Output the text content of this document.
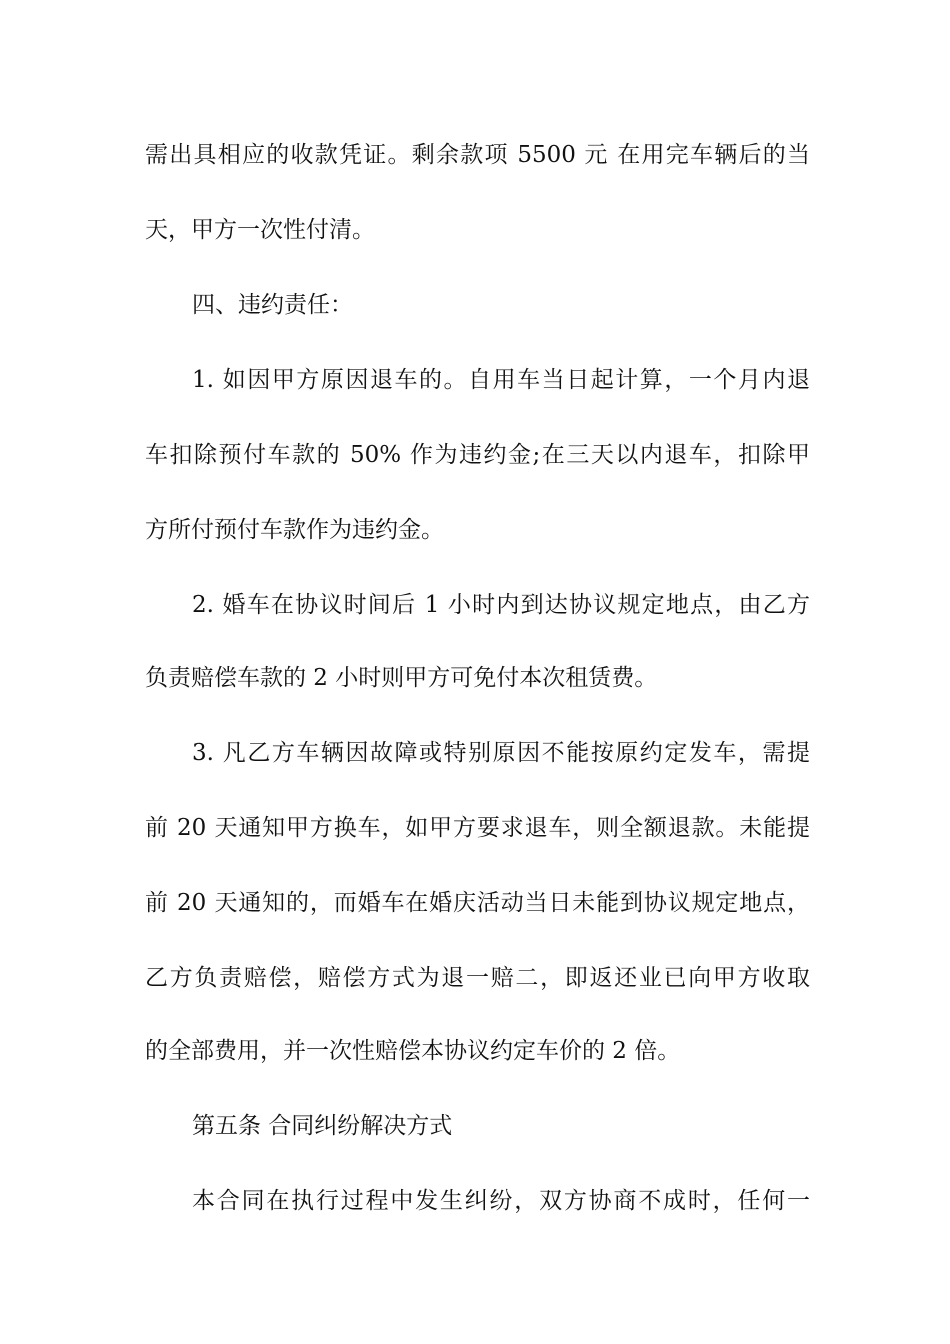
需出具相应的收款凭证。剩余款项 5500 元 在用完车辆后的当
天，甲方一次性付清。
四、违约责任：
1. 如因甲方原因退车的。自用车当日起计算，一个月内退
车扣除预付车款的 50% 作为违约金;在三天以内退车，扣除甲
方所付预付车款作为违约金。
2. 婚车在协议时间后 1 小时内到达协议规定地点，由乙方
负责赔偿车款的 2 小时则甲方可免付本次租赁费。
3. 凡乙方车辆因故障或特别原因不能按原约定发车，需提
前 20 天通知甲方换车，如甲方要求退车，则全额退款。未能提
前 20 天通知的，而婚车在婚庆活动当日未能到协议规定地点，
乙方负责赔偿，赔偿方式为退一赔二，即返还业已向甲方收取
的全部费用，并一次性赔偿本协议约定车价的 2 倍。
第五条 合同纠纷解决方式
本合同在执行过程中发生纠纷，双方协商不成时，任何一
